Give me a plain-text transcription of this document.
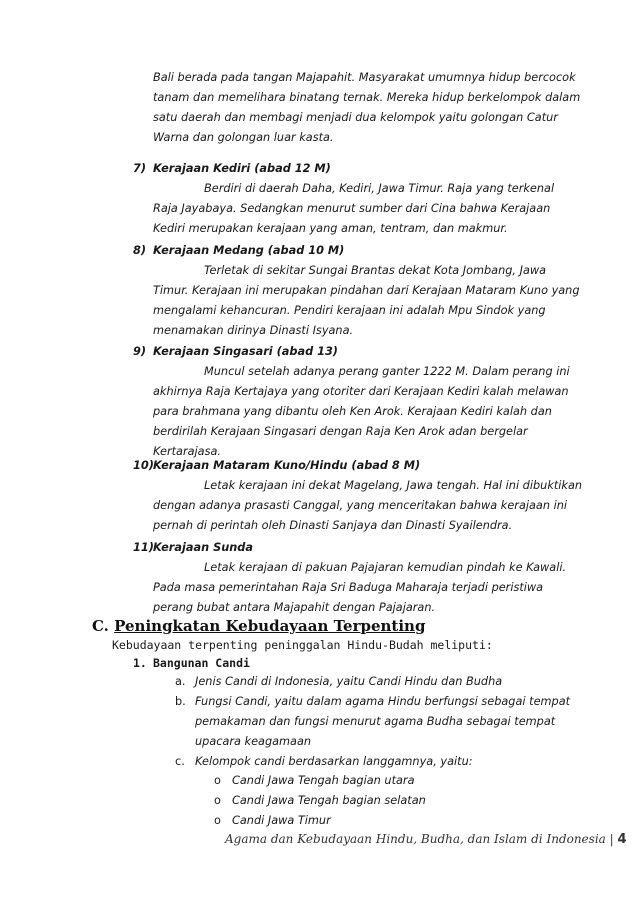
Bali berada pada tangan Majapahit. Masyarakat umumnya hidup bercocok
tanam dan memelihara binatang ternak. Mereka hidup berkelompok dalam
satu daerah dan membagi menjadi dua kelompok yaitu golongan Catur
Warna dan golongan luar kasta.
7) Kerajaan Kediri (abad 12 M)
Berdiri di daerah Daha, Kediri, Jawa Timur. Raja yang terkenal
Raja Jayabaya. Sedangkan menurut sumber dari Cina bahwa Kerajaan
Kediri merupakan kerajaan yang aman, tentram, dan makmur.
8) Kerajaan Medang (abad 10 M)
Terletak di sekitar Sungai Brantas dekat Kota Jombang, Jawa
Timur. Kerajaan ini merupakan pindahan dari Kerajaan Mataram Kuno yang
mengalami kehancuran. Pendiri kerajaan ini adalah Mpu Sindok yang
menamakan dirinya Dinasti Isyana.
9) Kerajaan Singasari (abad 13)
Muncul setelah adanya perang ganter 1222 M. Dalam perang ini
akhirnya Raja Kertajaya yang otoriter dari Kerajaan Kediri kalah melawan
para brahmana yang dibantu oleh Ken Arok. Kerajaan Kediri kalah dan
berdirilah Kerajaan Singasari dengan Raja Ken Arok adan bergelar
Kertarajasa.
10) Kerajaan Mataram Kuno/Hindu (abad 8 M)
Letak kerajaan ini dekat Magelang, Jawa tengah. Hal ini dibuktikan
dengan adanya prasasti Canggal, yang menceritakan bahwa kerajaan ini
pernah di perintah oleh Dinasti Sanjaya dan Dinasti Syailendra.
11) Kerajaan Sunda
Letak kerajaan di pakuan Pajajaran kemudian pindah ke Kawali.
Pada masa pemerintahan Raja Sri Baduga Maharaja terjadi peristiwa
perang bubat antara Majapahit dengan Pajajaran.
C. Peningkatan Kebudayaan Terpenting
Kebudayaan terpenting peninggalan Hindu-Budah meliputi:
1. Bangunan Candi
a. Jenis Candi di Indonesia, yaitu Candi Hindu dan Budha
b. Fungsi Candi, yaitu dalam agama Hindu berfungsi sebagai tempat
pemakaman dan fungsi menurut agama Budha sebagai tempat
upacara keagamaan
c. Kelompok candi berdasarkan langgamnya, yaitu:
o Candi Jawa Tengah bagian utara
o Candi Jawa Tengah bagian selatan
o Candi Jawa Timur
Agama dan Kebudayaan Hindu, Budha, dan Islam di Indonesia | 4
